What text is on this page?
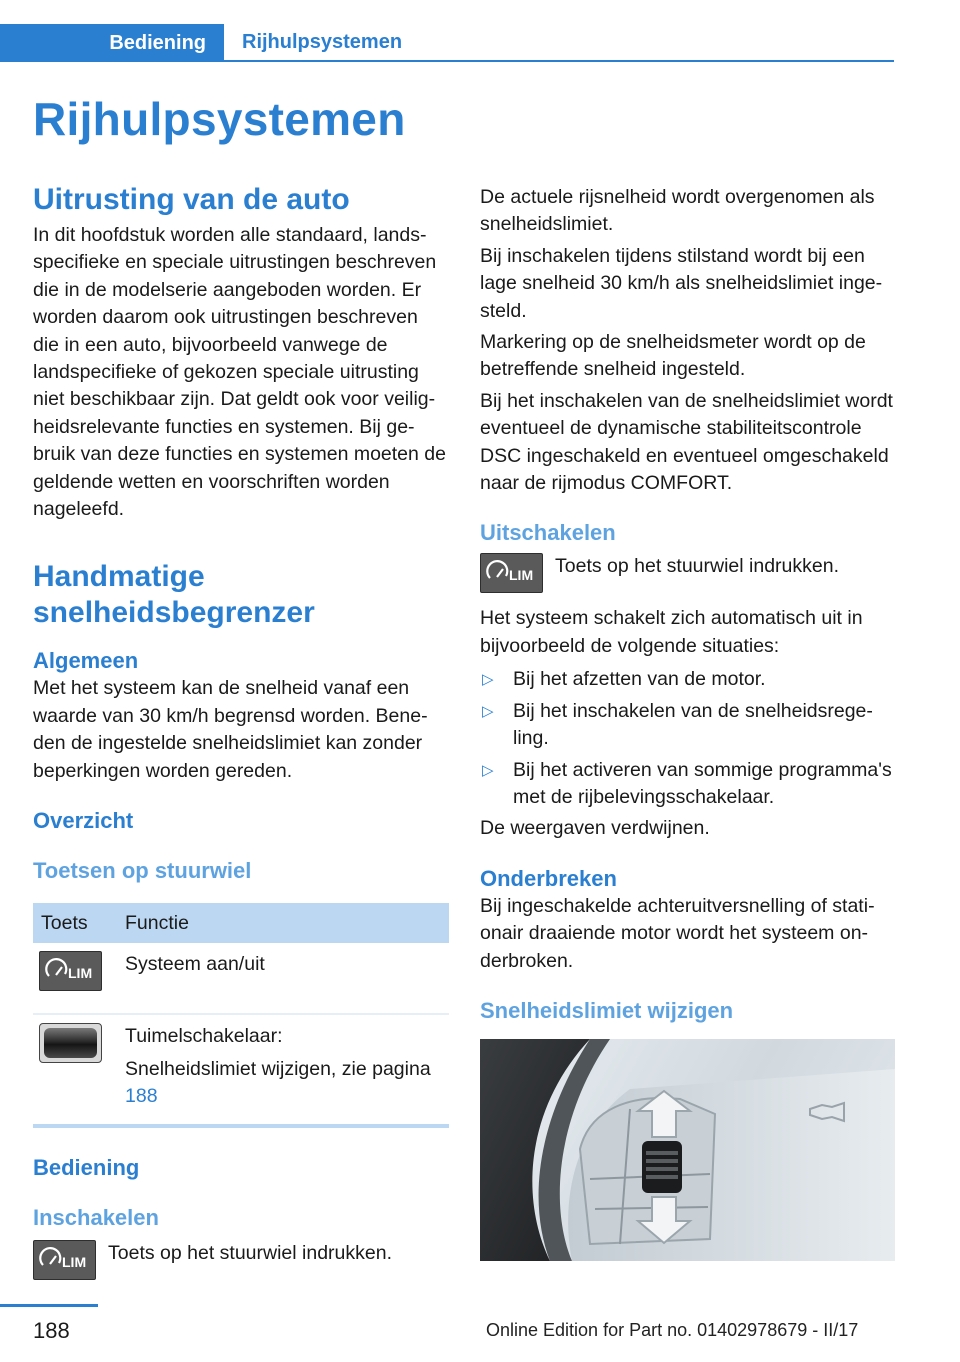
Bediening Rijhulpsystemen
Rijhulpsystemen
Uitrusting van de auto

In dit hoofdstuk worden alle standaard, landsspecifieke en speciale uitrustingen beschreven die in de modelserie aangeboden worden. Er worden daarom ook uitrustingen beschreven die in een auto, bijvoorbeeld vanwege de landspecifieke of gekozen speciale uitrusting niet beschikbaar zijn. Dat geldt ook voor veiligheidsrelevante functies en systemen. Bij gebruik van deze functies en systemen moeten de geldende wetten en voorschriften worden nageleefd.

Handmatige snelheidsbegrenzer
Algemeen

Met het systeem kan de snelheid vanaf een waarde van 30 km/h begrensd worden. Beneden de ingestelde snelheidslimiet kan zonder beperkingen worden gereden.

Overzicht
Toetsen op stuurwiel
Toets	Functie

LIM	Systeem aan/uit

	Tuimelschakelaar:
Snelheidslimiet wijzigen, zie pagina 188
Bediening
Inschakelen
LIM Toets op het stuurwiel indrukken.

De actuele rijsnelheid wordt overgenomen als snelheidslimiet.

Bij inschakelen tijdens stilstand wordt bij een lage snelheid 30 km/h als snelheidslimiet ingesteld.

Markering op de snelheidsmeter wordt op de betreffende snelheid ingesteld.

Bij het inschakelen van de snelheidslimiet wordt eventueel de dynamische stabiliteitscontrole DSC ingeschakeld en eventueel omgeschakeld naar de rijmodus COMFORT.

Uitschakelen
LIM Toets op het stuurwiel indrukken.

Het systeem schakelt zich automatisch uit in bijvoorbeeld de volgende situaties:

▷ Bij het afzetten van de motor.
▷ Bij het inschakelen van de snelheidsregeling.
▷ Bij het activeren van sommige programma's met de rijbelevingsschakelaar.

De weergaven verdwijnen.

Onderbreken

Bij ingeschakelde achteruitversnelling of stationair draaiende motor wordt het systeem onderbroken.

Snelheidslimiet wijzigen
188	Online Edition for Part no. 01402978679 - II/17
